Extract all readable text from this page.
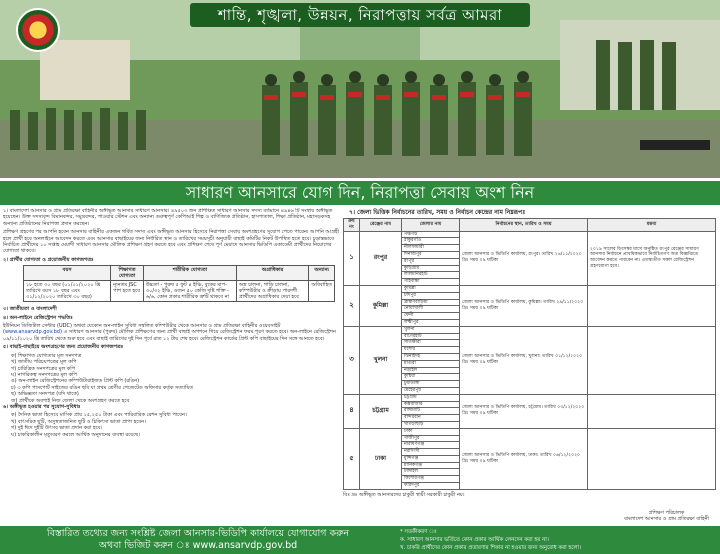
শান্তি, শৃঙ্খলা, উন্নয়ন, নিরাপত্তায় সর্বত্র আমরা
সাধারণ আনসারে যোগ দিন, নিরাপত্তা সেবায় অংশ নিন

১। বাংলাদেশ আনসার ও গ্রাম প্রতিরক্ষা বাহিনীর অঙ্গীভূত আনসার সাধারণ আনসার। ৪৯৫০৩ জন প্রশিক্ষিত সাধারণ আনসার সদস্য বর্তমানে ৪৯৪৬ টি সংস্থায় অঙ্গীভূত হয়েছেন। উক্ত সদস্যবৃন্দ বিমানবন্দর, সমুদ্রবন্দর, পাওয়ার স্টেশন এবং অন্যান্য গুরুত্বপূর্ণ কেপিআই শিল্প ও বাণিজ্যিক প্রতিষ্ঠান, হাসপাতাল, শিক্ষা প্রতিষ্ঠান, মহাসড়কসহ অন্যান্য প্রতিষ্ঠানের নিরাপত্তা প্রদান করছেন।

প্রশিক্ষণ গ্রহণের পর আপনি হবেন আনসার বাহিনীর একজন গর্বিত সদস্য এবং অঙ্গীভূত আনসার হিসেবে নিরাপত্তা সেবায় অংশগ্রহণের সুযোগ পেতে পারেন। আপনি আগ্রহী হলে প্রার্থী হবে অনলাইনে আবেদন করতে এবং আনসার বাছাইয়ের জন্য নির্ধারিত স্থান ও তারিখের সময়সূচী অনুযায়ী বাছাই কমিটির নিকট উপস্থিত হতে হবে। চূড়ান্তভাবে নির্বাচিত প্রার্থীদের ১০ সপ্তাহ মেয়াদী সাধারণ আনসার মৌলিক প্রশিক্ষণ গ্রহণ করতে হবে এবং প্রশিক্ষণ শেষে পূর্ণ মেয়াদে আনসার ভিডিপি একাডেমী প্রার্থীদের নিয়োগের যোগ্যতা থাকবে।

২। প্রার্থীর যোগ্যতা ও প্রয়োজনীয় কাগজপত্রঃ

বয়স	শিক্ষাগত যোগ্যতা	শারীরিক যোগ্যতা	অগ্রাধিকার	অন্যান্য
১৮ হতে ৩০ বছর (০১/০১/২০২০ খ্রি তারিখে বয়স ১৮ বছর এবং ৩১/১২/২০২০ তারিখে ৩০ বছর)	ন্যূনতম JSC পাশ হতে হবে	উচ্চতা - পুরুষ ৫ ফুট ৪ ইঞ্চি, বুকের মাপ- ৩০/৩২ ইঞ্চি, ওজন ৫০ কেজি দৃষ্টি শক্তি - ৬/৬, কোন প্রকার শারীরিক ত্রুটি থাকবে না	অস্ত্র চালনা, গাড়ি চালনা, কম্পিউটার ও ক্রীড়ায় পারদর্শী প্রার্থীদের অগ্রাধিকার দেয়া হবে	অবিবাহিত

৩। জাতীয়তা ও বাংলাদেশী

৪। অন-লাইনে রেজিস্ট্রেশন পদ্ধতিঃ

ইউনিয়ন ডিজিটাল সেন্টার (UDC) অথবা যেকোন অন-লাইন সুবিধা সম্বলিত কম্পিউটার থেকে আনসার ও গ্রাম প্রতিরক্ষা বাহিনীর ওয়েবসাইট (www.ansarvdp.gov.bd) এ সাধারণ আনসার (পুরুষ) মৌলিক প্রশিক্ষণের জন্য প্রার্থী বাছাই অপশনে গিয়ে রেজিস্ট্রেশন ফরম পূরণ করতে হবে। অন-লাইনে রেজিস্ট্রেশন ০৯/১১/২০২০ খ্রি তারিখ থেকে শুরু হবে এবং বাছাই তারিখের দুই দিন পূর্বে রাত ১২ টায় শেষ হবে। রেজিস্ট্রেশন কার্ডের প্রিন্ট কপি বাছাইয়ের দিন সঙ্গে আনতে হবে।

৫। বাছাই-বাছাইয়ে অংশগ্রহণের জন্য প্রয়োজনীয় কাগজপত্রঃ

ক) শিক্ষাগত যোগ্যতার মূল সনদপত্র

খ) জাতীয় পরিচয়পত্রের মূল কপি

গ) চারিত্রিক সনদপত্রের মূল কপি

ঘ) নাগরিকত্ব সনদপত্রের মূল কপি

ঙ) অন-লাইন রেজিস্ট্রেশনের কম্পিউটারাইজড প্রিন্ট কপি (রঙিন)

চ) ৩ কপি পাসপোর্ট সাইজের রঙিন ছবি যা প্রথম শ্রেণীর গেজেটেড অফিসার কর্তৃক সত্যায়িত

ছ) অভিজ্ঞতা সনদপত্র (যদি থাকে)

জ) প্রার্থীকে অবশ্যই নিজ জেলা থেকে অংশগ্রহণ করতে হবে

৬। অঙ্গীভূত হওয়ার পর সুযোগ-সুবিধাঃ

ক) দৈনিক ভাতা হিসেবে মাসিক প্রায় ১৫,২৫০ টাকা এবং পারিবারিক রেশন সুবিধা পাবেন।

খ) বাৎসরিক ছুটি, অসুস্থতাজনিত ছুটি ও চিকিৎসা ভাতা প্রাপ্য হবেন।

গ) দুই ঈদে দুইটি উৎসব ভাতা প্রদান করা হবে।

ঘ) চাকরিকালীন মৃত্যুবরণ করলে আর্থিক অনুদানের ব্যবস্থা রয়েছে।

৭। জেলা ভিত্তিক নির্বাচনের তারিখ, সময় ও নির্বাচন কেন্দ্রের নাম নিম্নরূপঃ

ক্রম নং	রেঞ্জের নাম	জেলার নাম	নির্বাচনের স্থান, তারিখ ও সময়	মন্তব্য
১	রংপুর	পঞ্চগড়	জেলা আনসার ও ভিডিপি কার্যালয়, রংপুর। তারিখ ২৬/১১/২০২০ খ্রি। সময় ০৯ ঘটিকা	২০১৯ সালের ডিসেম্বর মাসে অনুষ্ঠিত রংপুর রেঞ্জের সাধারণ আনসার নির্বাচনে প্রাথমিকভাবে নির্বাচিতগণ অত্র বিজ্ঞপ্তিতে আবেদন করতে পারবেন না। এতদ্ব্যতীত সকল রেজিস্ট্রেশন গ্রহণযোগ্য হবে।
		ঠাকুরগাঁও		
		নীলফামারী		
		দিনাজপুর		
		রংপুর		
		কুড়িগ্রাম		
		লালমনিরহাট		
		গাইবান্ধা		
২	কুমিল্লা	কুমিল্লা	জেলা আনসার ও ভিডিপি কার্যালয়, কুমিল্লা। তারিখ ২৯/১১/২০২০ খ্রি। সময় ০৯ ঘটিকা	
		চাঁদপুর		
		ব্রাহ্মণবাড়িয়া		
		নোয়াখালী		
		ফেনী		
		লক্ষ্মীপুর		
৩	খুলনা	খুলনা	জেলা আনসার ও ভিডিপি কার্যালয়, খুলনা। তারিখ ০১/১২/২০২০ খ্রি। সময় ০৯ ঘটিকা	
		বাগেরহাট		
		সাতক্ষীরা		
		যশোর		
		ঝিনাইদহ		
		মাগুরা		
		নড়াইল		
		কুষ্টিয়া		
		চুয়াডাঙ্গা		
		মেহেরপুর		
৪	চট্টগ্রাম	চট্টগ্রাম	জেলা আনসার ও ভিডিপি কার্যালয়, চট্টগ্রাম। তারিখ ০৩/১২/২০২০ খ্রি। সময় ০৯ ঘটিকা	
		কক্সবাজার		
		রাঙ্গামাটি		
		বান্দরবান		
		খাগড়াছড়ি		
৫	ঢাকা	ঢাকা	জেলা আনসার ও ভিডিপি কার্যালয়, ঢাকা। তারিখ ০৬/১২/২০২০ খ্রি। সময় ০৯ ঘটিকা	
		গাজীপুর		
		নারায়ণগঞ্জ		
		নরসিংদী		
		মুন্সিগঞ্জ		
		মানিকগঞ্জ		
		টাঙ্গাইল		
		কিশোরগঞ্জ		
		ফরিদপুর		

বিঃ দ্রঃ অঙ্গীভূত আনসারদের চাকুরী স্থায়ী সরকারী চাকুরী নয়।

প্রশিক্ষণ পরিচালক
বাংলাদেশ আনসার ও গ্রাম প্রতিরক্ষা বাহিনী
বিস্তারিত তথ্যের জন্য সংশ্লিষ্ট জেলা আনসার-ভিডিপি কার্যালয়ে যোগাযোগ করুন
অথবা ভিজিট করুন ঃ www.ansarvdp.gov.bd
* সতর্কীকরণ ঃ
ক. সাধারণ আনসার ভর্তিতে কোন প্রকার আর্থিক লেনদেন করা হয় না।
খ. চাকরি প্রার্থীদের কোন প্রকার প্রতারণার শিকার না হওয়ার জন্য অনুরোধ করা হলো।
